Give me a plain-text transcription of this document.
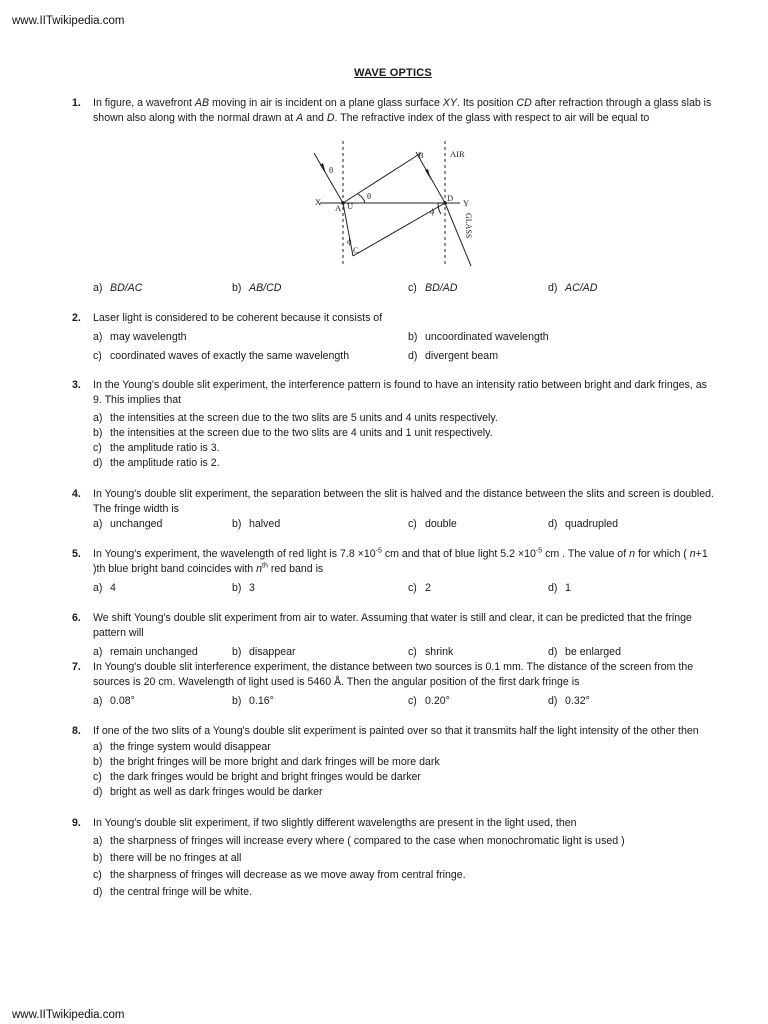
www.IITwikipedia.com
WAVE OPTICS
1.	In figure, a wavefront AB moving in air is incident on a plane glass surface XY. Its position CD after refraction through a glass slab is shown also along with the normal drawn at A and D. The refractive index of the glass with respect to air will be equal to
B	AIR
θ
θ
X
A U
D Y
ϕ
ϕ
C
GLASS
a) BD/AC	b) AB/CD	c) BD/AD	d) AC/AD
2.	Laser light is considered to be coherent because it consists of
a) may wavelength	b) uncoordinated wavelength
c) coordinated waves of exactly the same wavelength	d) divergent beam
3.	In the Young's double slit experiment, the interference pattern is found to have an intensity ratio between bright and dark fringes, as 9. This implies that
a) the intensities at the screen due to the two slits are 5 units and 4 units respectively.
b) the intensities at the screen due to the two slits are 4 units and 1 unit respectively.
c) the amplitude ratio is 3.
d) the amplitude ratio is 2.
4.	In Young's double slit experiment, the separation between the slit is halved and the distance between the slits and screen is doubled. The fringe width is
a) unchanged	b) halved	c) double	d) quadrupled
5.	In Young's experiment, the wavelength of red light is $7.8 \times 10^{-5}$ cm and that of blue light $5.2 \times 10^{-5}$ cm . The value of n for which ( n+1 )th blue bright band coincides with $n^{th}$ red band is
a) 4	b) 3	c) 2	d) 1
6.	We shift Young's double slit experiment from air to water. Assuming that water is still and clear, it can be predicted that the fringe pattern will
a) remain unchanged	b) disappear	c) shrink	d) be enlarged
7.	In Young's double slit interference experiment, the distance between two sources is 0.1 mm. The distance of the screen from the sources is 20 cm. Wavelength of light used is 5460 Å. Then the angular position of the first dark fringe is
a) 0.08°	b) 0.16°	c) 0.20°	d) 0.32°
8.	If one of the two slits of a Young's double slit experiment is painted over so that it transmits half the light intensity of the other then
a) the fringe system would disappear
b) the bright fringes will be more bright and dark fringes will be more dark
c) the dark fringes would be bright and bright fringes would be darker
d) bright as well as dark fringes would be darker
9.	In Young's double slit experiment, if two slightly different wavelengths are present in the light used, then
a) the sharpness of fringes will increase every where ( compared to the case when monochromatic light is used )
b) there will be no fringes at all
c) the sharpness of fringes will decrease as we move away from central fringe.
d) the central fringe will be white.
www.IITwikipedia.com
